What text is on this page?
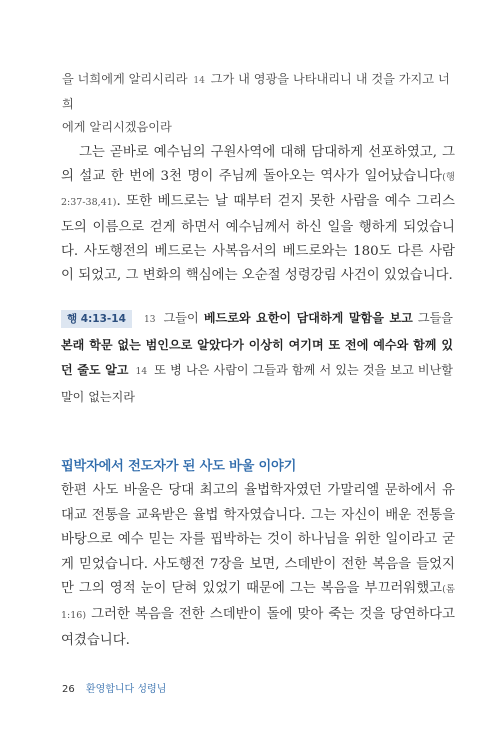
을 너희에게 알리시리라 14 그가 내 영광을 나타내리니 내 것을 가지고 너희
에게 알리시겠음이라
그는 곧바로 예수님의 구원사역에 대해 담대하게 선포하였고, 그의 설교 한 번에 3천 명이 주님께 돌아오는 역사가 일어났습니다(행 2:37-38,41). 또한 베드로는 날 때부터 걷지 못한 사람을 예수 그리스도의 이름으로 걷게 하면서 예수님께서 하신 일을 행하게 되었습니다. 사도행전의 베드로는 사복음서의 베드로와는 180도 다른 사람이 되었고, 그 변화의 핵심에는 오순절 성령강림 사건이 있었습니다.
행 4:13-14 13 그들이 베드로와 요한이 담대하게 말함을 보고 그들을 본래 학문 없는 범인으로 알았다가 이상히 여기며 또 전에 예수와 함께 있던 줄도 알고 14 또 병 나은 사람이 그들과 함께 서 있는 것을 보고 비난할 말이 없는지라
핍박자에서 전도자가 된 사도 바울 이야기
한편 사도 바울은 당대 최고의 율법학자였던 가말리엘 문하에서 유대교 전통을 교육받은 율법 학자였습니다. 그는 자신이 배운 전통을 바탕으로 예수 믿는 자를 핍박하는 것이 하나님을 위한 일이라고 굳게 믿었습니다. 사도행전 7장을 보면, 스데반이 전한 복음을 들었지만 그의 영적 눈이 닫혀 있었기 때문에 그는 복음을 부끄러워했고(롬 1:16) 그러한 복음을 전한 스데반이 돌에 맞아 죽는 것을 당연하다고 여겼습니다.
26 환영합니다 성령님
